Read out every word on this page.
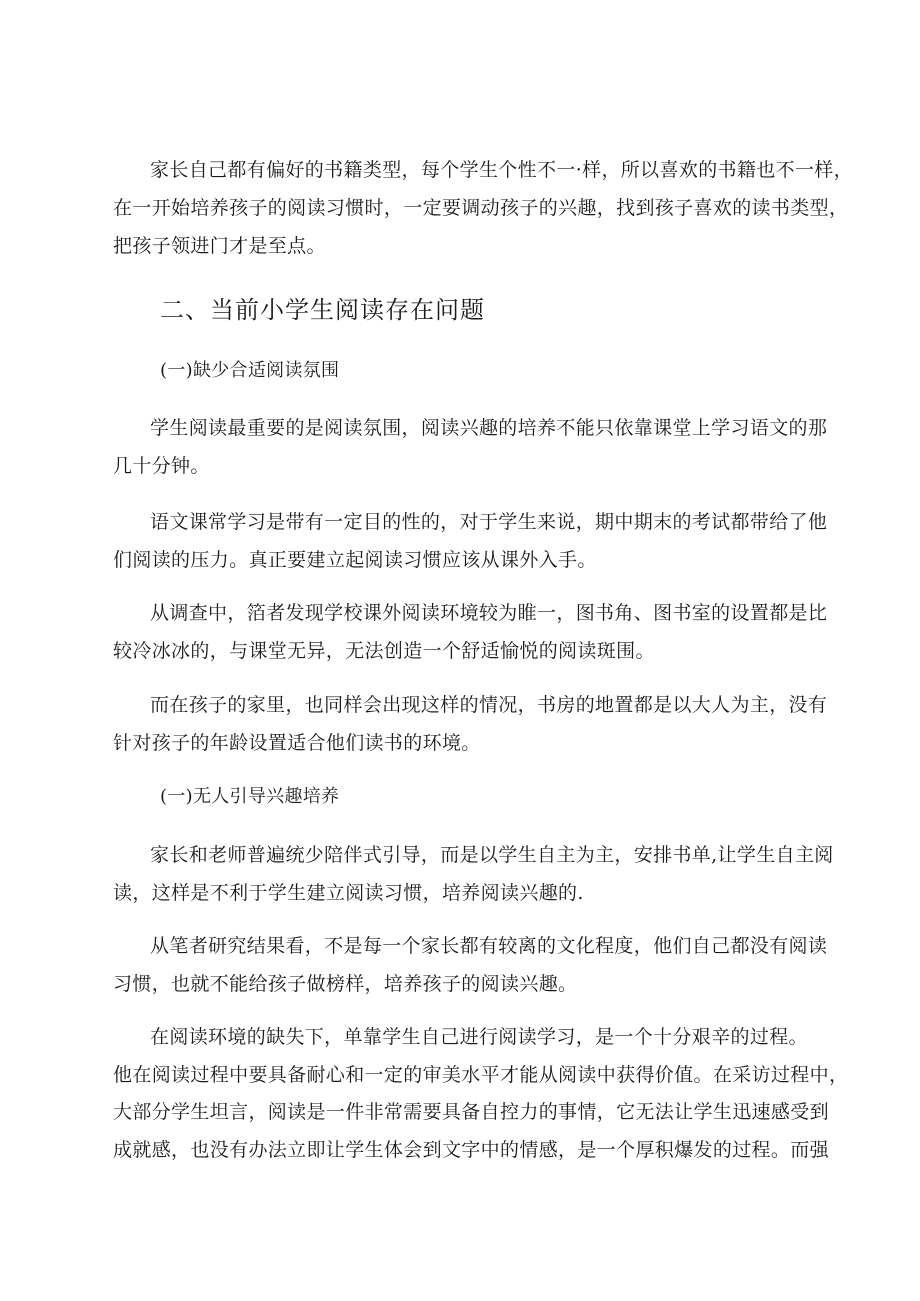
家长自己都有偏好的书籍类型，每个学生个性不一·样，所以喜欢的书籍也不一样，
在一开始培养孩子的阅读习惯时，一定要调动孩子的兴趣，找到孩子喜欢的读书类型，
把孩子领进门才是至点。
二、当前小学生阅读存在问题
(一)缺少合适阅读氛围
学生阅读最重要的是阅读氛围，阅读兴趣的培养不能只依靠课堂上学习语文的那
几十分钟。
语文课常学习是带有一定目的性的，对于学生来说，期中期末的考试都带给了他
们阅读的压力。真正要建立起阅读习惯应该从课外入手。
从调查中，箔者发现学校课外阅读环境较为睢一，图书角、图书室的设置都是比
较冷冰冰的，与课堂无异，无法创造一个舒适愉悦的阅读斑围。
而在孩子的家里，也同样会出现这样的情况，书房的地置都是以大人为主，没有
针对孩子的年龄设置适合他们读书的环境。
(一)无人引导兴趣培养
家长和老师普遍统少陪伴式引导，而是以学生自主为主，安排书单,让学生自主阅
读，这样是不利于学生建立阅读习惯，培养阅读兴趣的.
从笔者研究结果看，不是每一个家长都有较离的文化程度，他们自己都没有阅读
习惯，也就不能给孩子做榜样，培养孩子的阅读兴趣。
在阅读环境的缺失下，单靠学生自己进行阅读学习，是一个十分艰辛的过程。
他在阅读过程中要具备耐心和一定的审美水平才能从阅读中获得价值。在采访过程中，
大部分学生坦言，阅读是一件非常需要具备自控力的事情，它无法让学生迅速感受到
成就感，也没有办法立即让学生体会到文字中的情感，是一个厚积爆发的过程。而强
